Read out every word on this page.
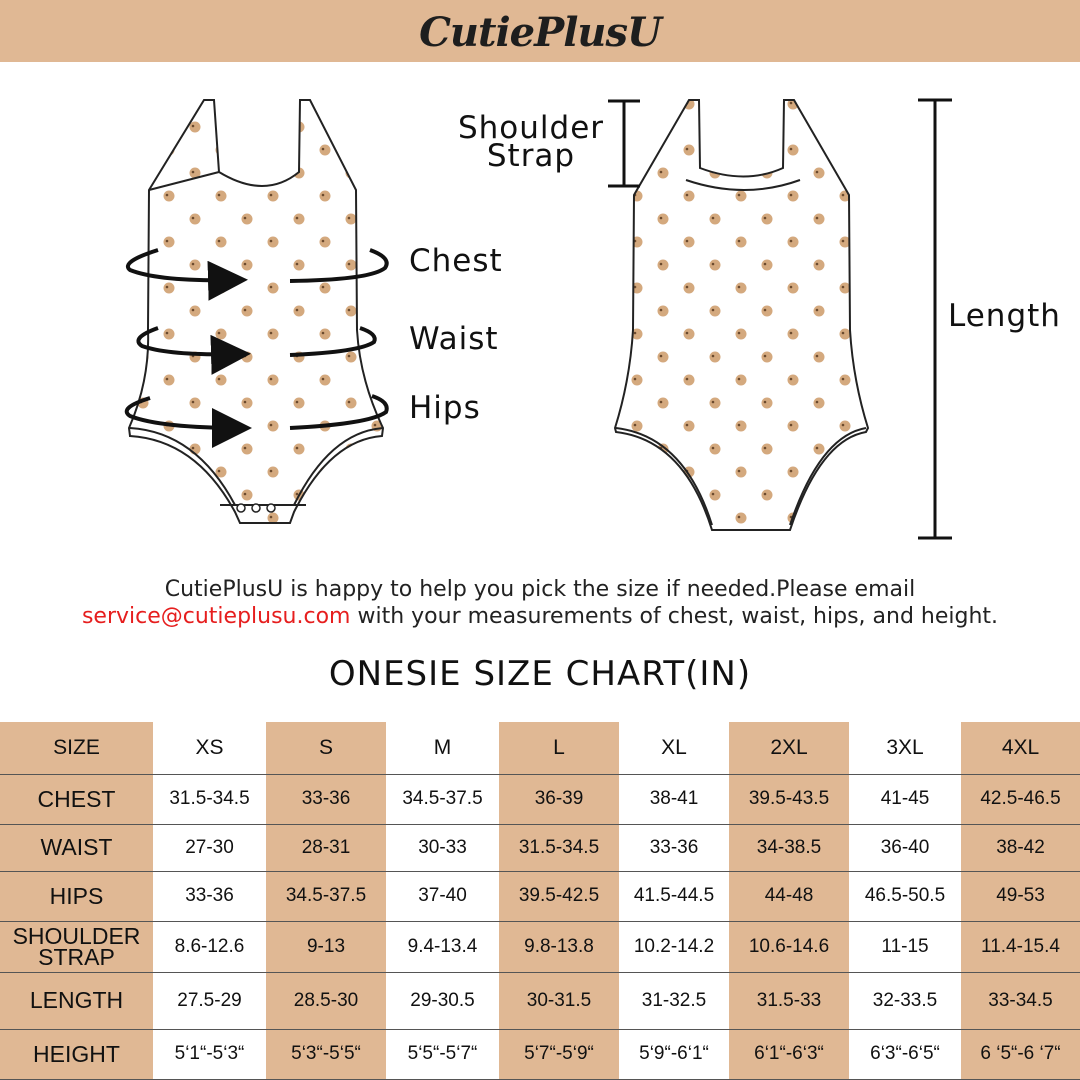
CutiePlusU
Shoulder
Strap
Chest
Waist
Hips
Length
CutiePlusU is happy to help you pick the size if needed.Please email
service@cutieplusu.com with your measurements of chest, waist, hips, and height.
ONESIE SIZE CHART(IN)
SIZE	XS	S	M	L	XL	2XL	3XL	4XL

CHEST	31.5-34.5	33-36	34.5-37.5	36-39	38-41	39.5-43.5	41-45	42.5-46.5

WAIST	27-30	28-31	30-33	31.5-34.5	33-36	34-38.5	36-40	38-42

HIPS	33-36	34.5-37.5	37-40	39.5-42.5	41.5-44.5	44-48	46.5-50.5	49-53

SHOULDER
STRAP	8.6-12.6	9-13	9.4-13.4	9.8-13.8	10.2-14.2	10.6-14.6	11-15	11.4-15.4

LENGTH	27.5-29	28.5-30	29-30.5	30-31.5	31-32.5	31.5-33	32-33.5	33-34.5

HEIGHT	5‘1“-5‘3“	5‘3“-5‘5“	5‘5“-5‘7“	5‘7“-5‘9“	5‘9“-6‘1“	6‘1“-6‘3“	6‘3“-6‘5“	6 ‘5“-6 ‘7“
